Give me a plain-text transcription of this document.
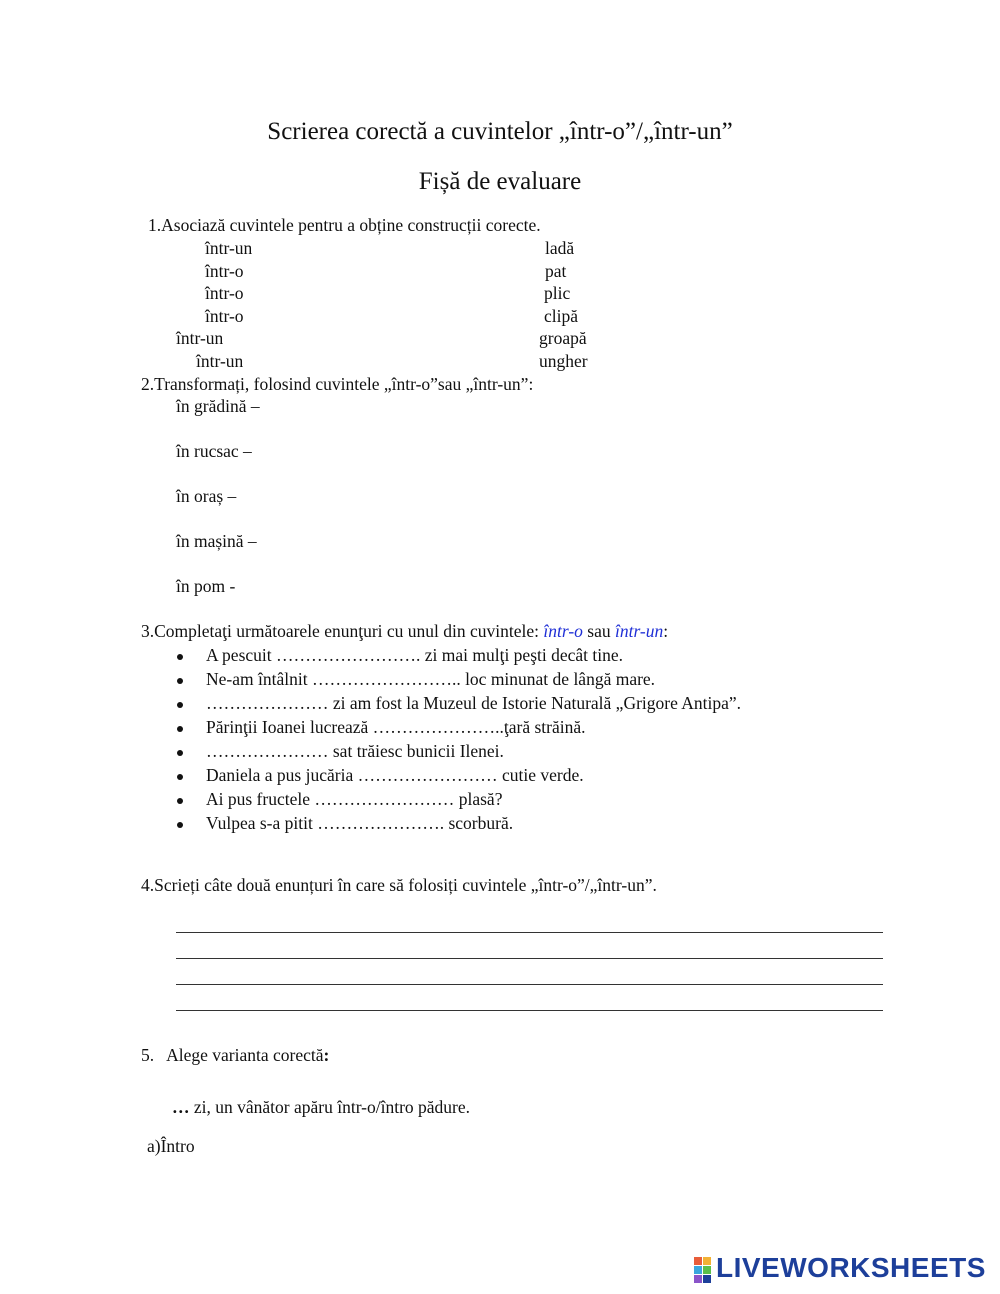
Scrierea corectă a cuvintelor „într-o”/„într-un”
Fișă de evaluare
1.Asociază cuvintele pentru a obține construcții corecte.
într-un
într-o
într-o
într-o
într-un
într-un
ladă
pat
plic
clipă
groapă
ungher
2.Transformați, folosind cuvintele „într-o”sau „într-un”:
în grădină –
în rucsac –
în oraș –
în mașină –
în pom -
3.Completaţi următoarele enunţuri cu unul din cuvintele: într-o sau într-un:
A pescuit ……………………. zi mai mulţi peşti decât tine.
Ne-am întâlnit …………………….. loc minunat de lângă mare.
………………… zi am fost la Muzeul de Istorie Naturală „Grigore Antipa”.
Părinţii Ioanei lucrează …………………..ţară străină.
………………… sat trăiesc bunicii Ilenei.
Daniela a pus jucăria …………………… cutie verde.
Ai pus fructele …………………… plasă?
Vulpea s-a pitit …………………. scorbură.
4.Scrieți câte două enunțuri în care să folosiți cuvintele „într-o”/„într-un”.
5. Alege varianta corectă:
… zi, un vânător apăru într-o/întro pădure.
a)Întro
LIVEWORKSHEETS
